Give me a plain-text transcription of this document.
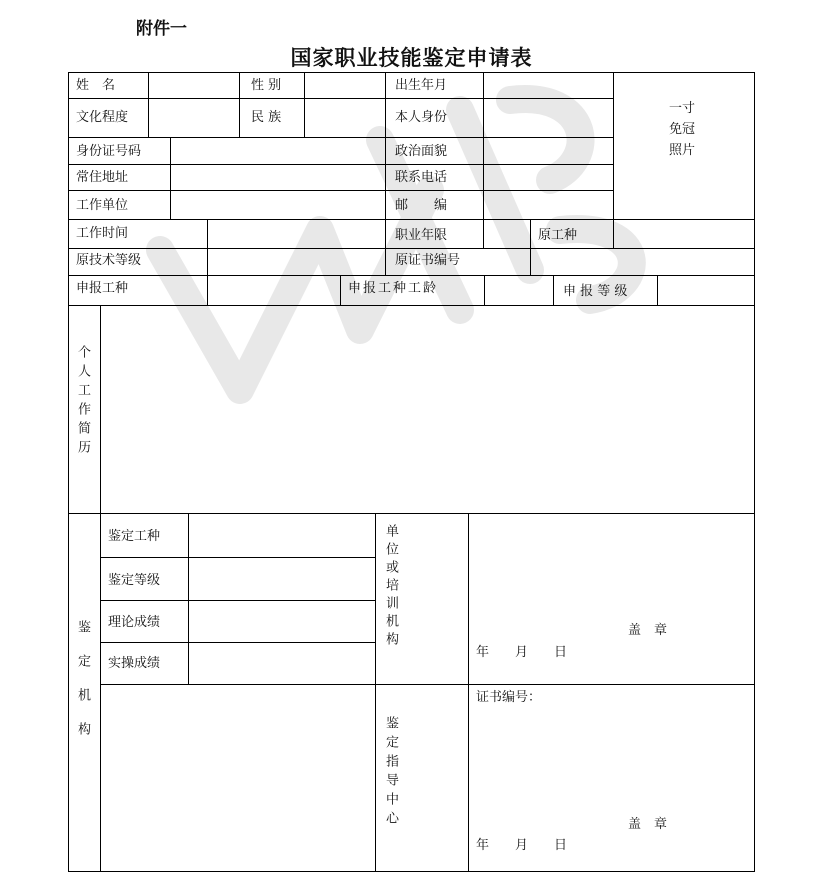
附件一
国家职业技能鉴定申请表
姓　名	性 别	出生年月
文化程度	民 族	本人身份
一寸
免冠
照片
身份证号码	政治面貌
常住地址	联系电话
工作单位	邮　　编
工作时间	职业年限	原工种
原技术等级	原证书编号
申报工种	申报工种工龄	申 报 等 级
个人工作简历
鉴　定　机　构
鉴定工种
鉴定等级
理论成绩
实操成绩
单位或培训机构	盖　章
年　　月　　日
鉴定指导中心
证书编号：
盖　章
年　　月　　日
